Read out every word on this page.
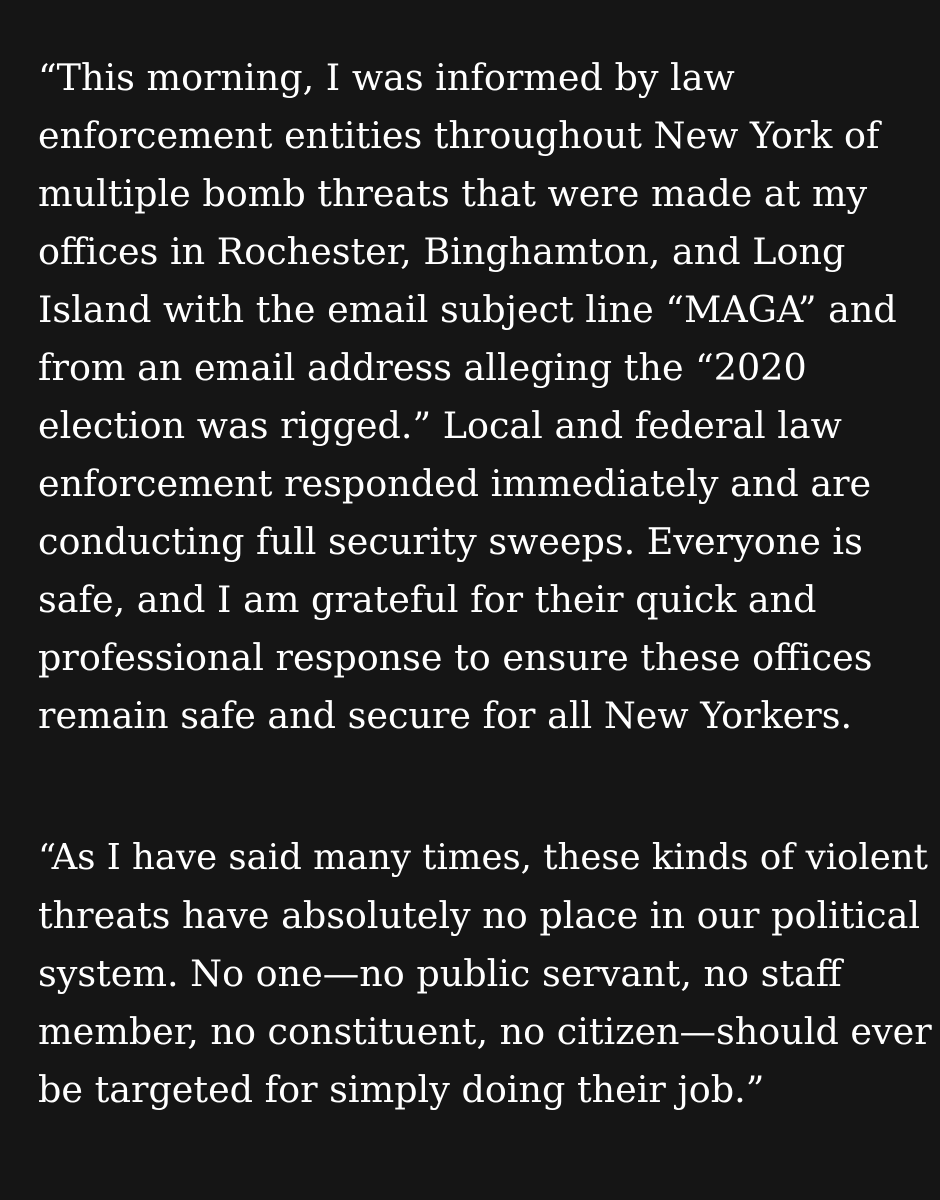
“This morning, I was informed by law
enforcement entities throughout New York of
multiple bomb threats that were made at my
offices in Rochester, Binghamton, and Long
Island with the email subject line “MAGA” and
from an email address alleging the “2020
election was rigged.” Local and federal law
enforcement responded immediately and are
conducting full security sweeps. Everyone is
safe, and I am grateful for their quick and
professional response to ensure these offices
remain safe and secure for all New Yorkers.
“As I have said many times, these kinds of violent
threats have absolutely no place in our political
system. No one—no public servant, no staff
member, no constituent, no citizen—should ever
be targeted for simply doing their job.”
